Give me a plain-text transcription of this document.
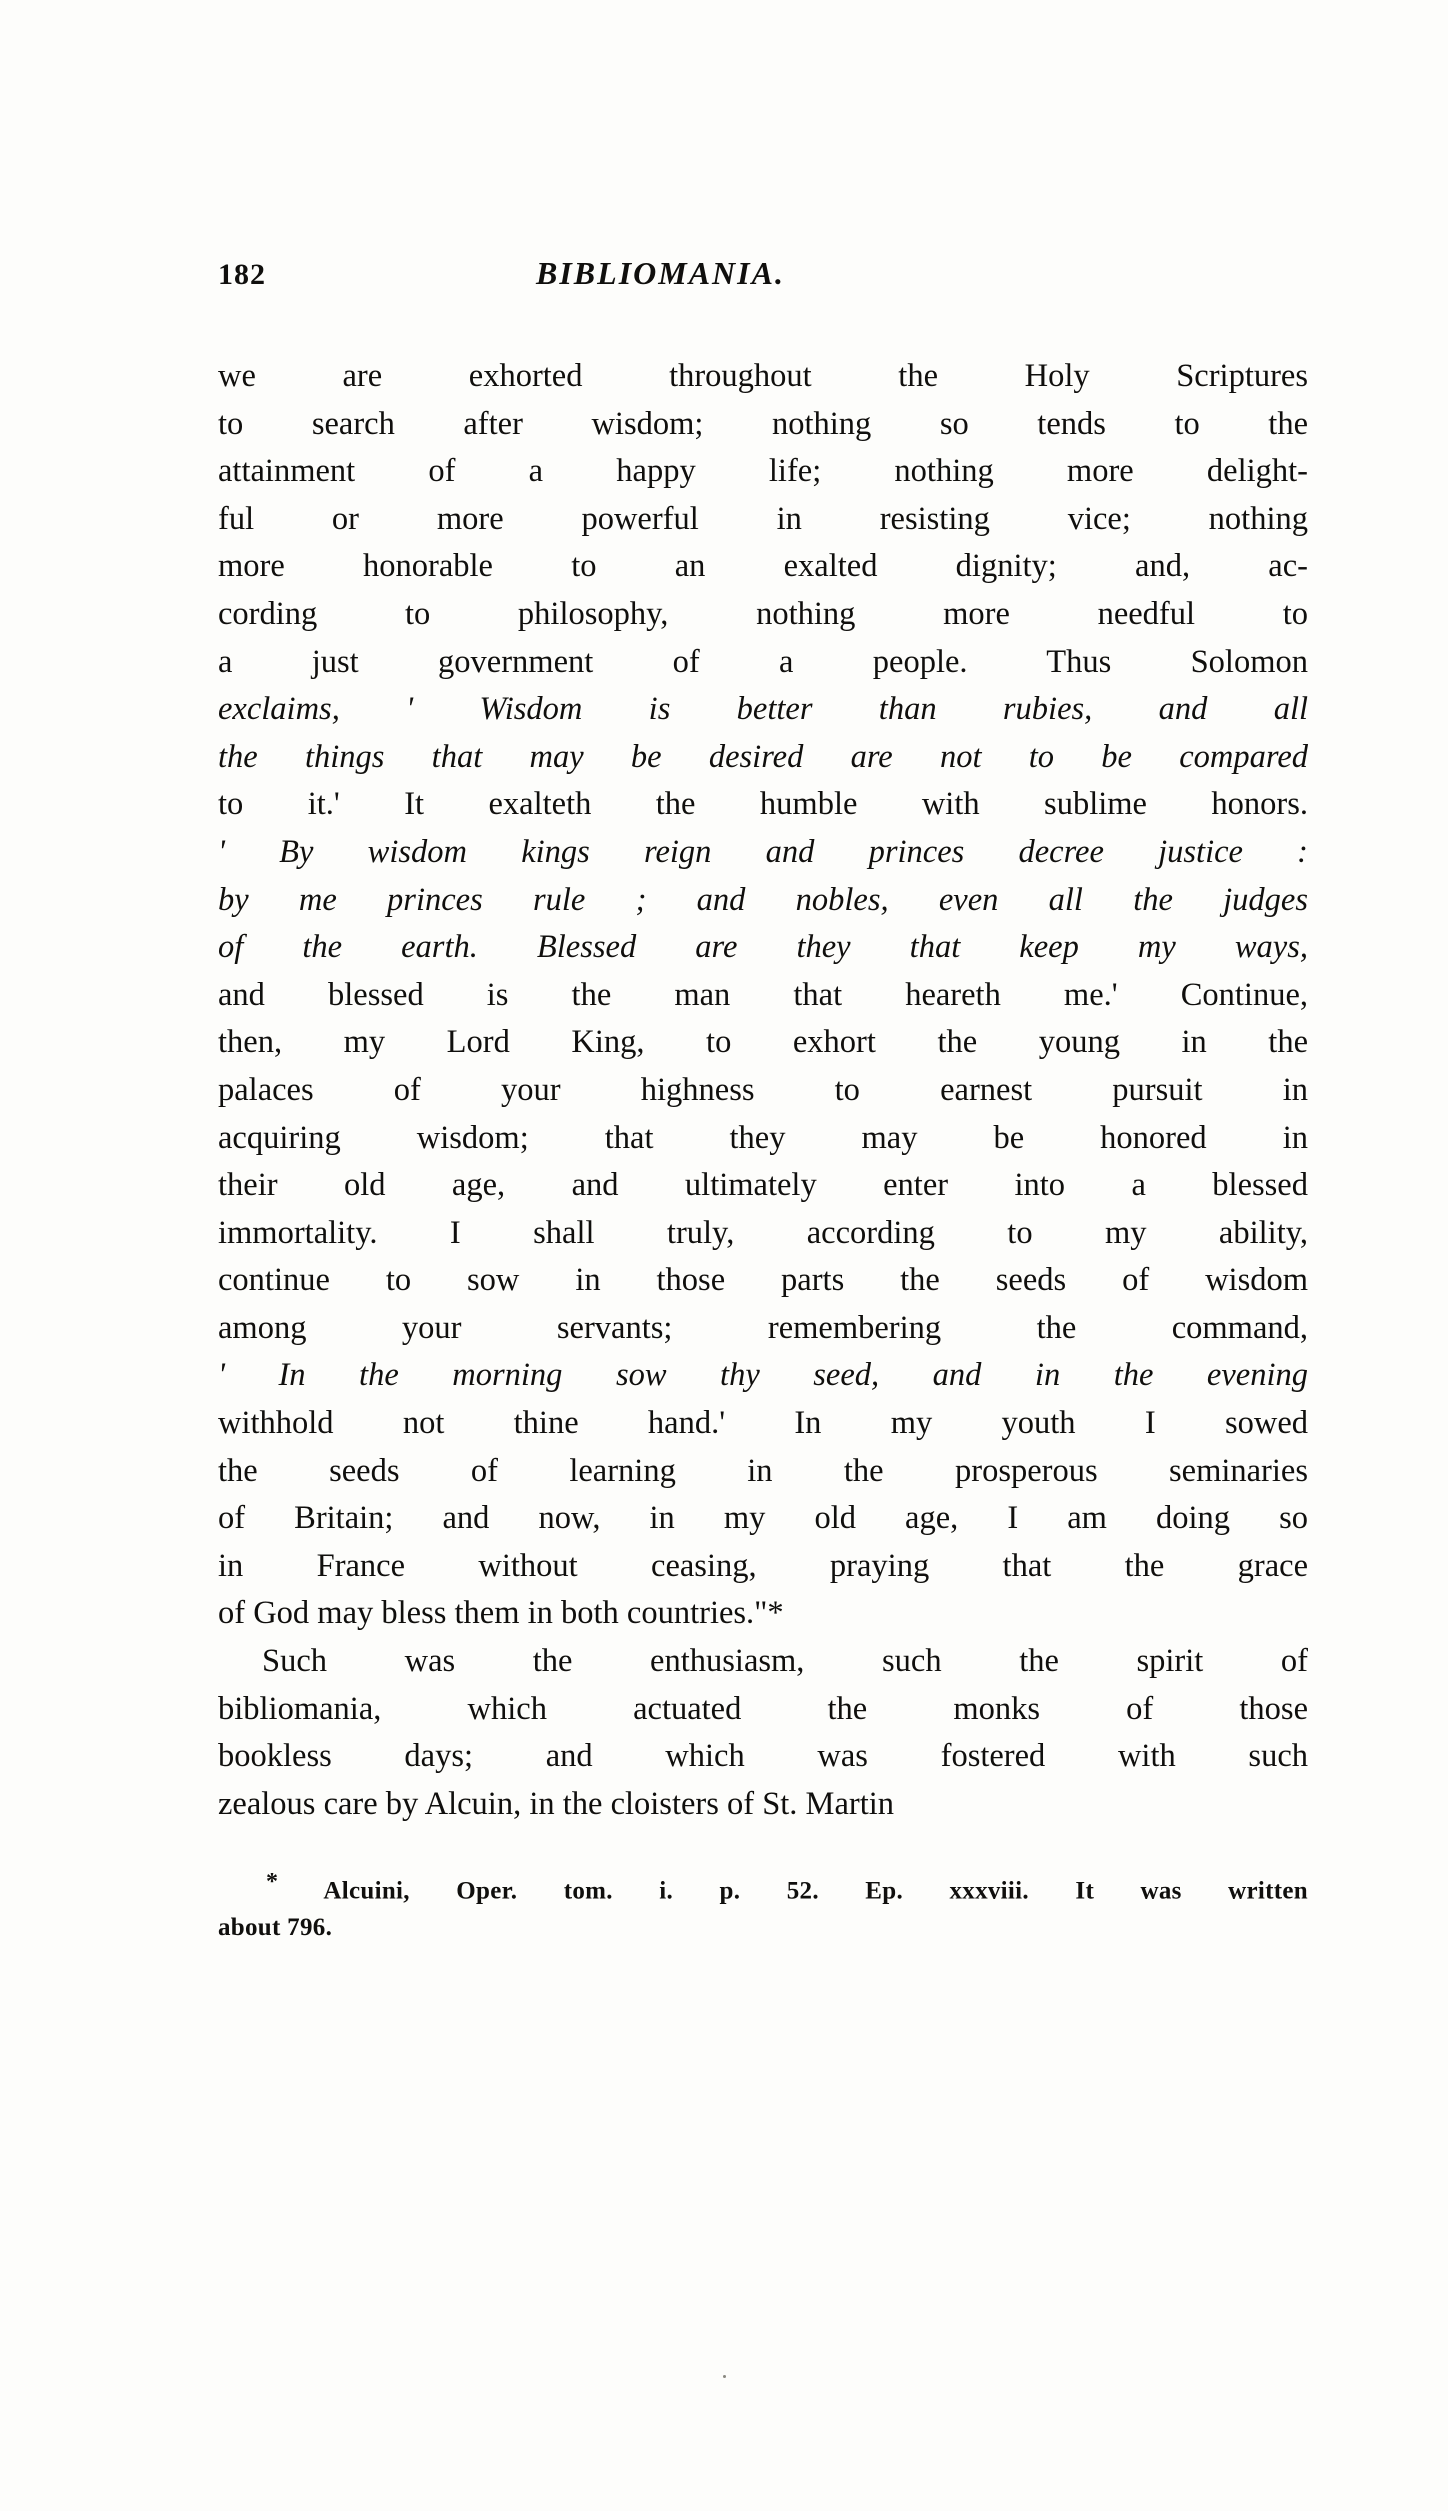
182	BIBLIOMANIA.

we are exhorted throughout the Holy Scriptures
to search after wisdom; nothing so tends to the
attainment of a happy life; nothing more delight-
ful or more powerful in resisting vice; nothing
more honorable to an exalted dignity; and, ac-
cording to philosophy, nothing more needful to
a just government of a people. Thus Solomon
exclaims, ' Wisdom is better than rubies, and all
the things that may be desired are not to be compared
to it.' It exalteth the humble with sublime honors.
' By wisdom kings reign and princes decree justice :
by me princes rule ; and nobles, even all the judges
of the earth. Blessed are they that keep my ways,
and blessed is the man that heareth me.' Continue,
then, my Lord King, to exhort the young in the
palaces of your highness to earnest pursuit in
acquiring wisdom; that they may be honored in
their old age, and ultimately enter into a blessed
immortality. I shall truly, according to my ability,
continue to sow in those parts the seeds of wisdom
among your servants; remembering the command,
' In the morning sow thy seed, and in the evening
withhold not thine hand.' In my youth I sowed
the seeds of learning in the prosperous seminaries
of Britain; and now, in my old age, I am doing so
in France without ceasing, praying that the grace
of God may bless them in both countries."*

Such was the enthusiasm, such the spirit of
bibliomania, which actuated the monks of those
bookless days; and which was fostered with such
zealous care by Alcuin, in the cloisters of St. Martin

* Alcuini, Oper. tom. i. p. 52. Ep. xxxviii. It was written
about 796.
